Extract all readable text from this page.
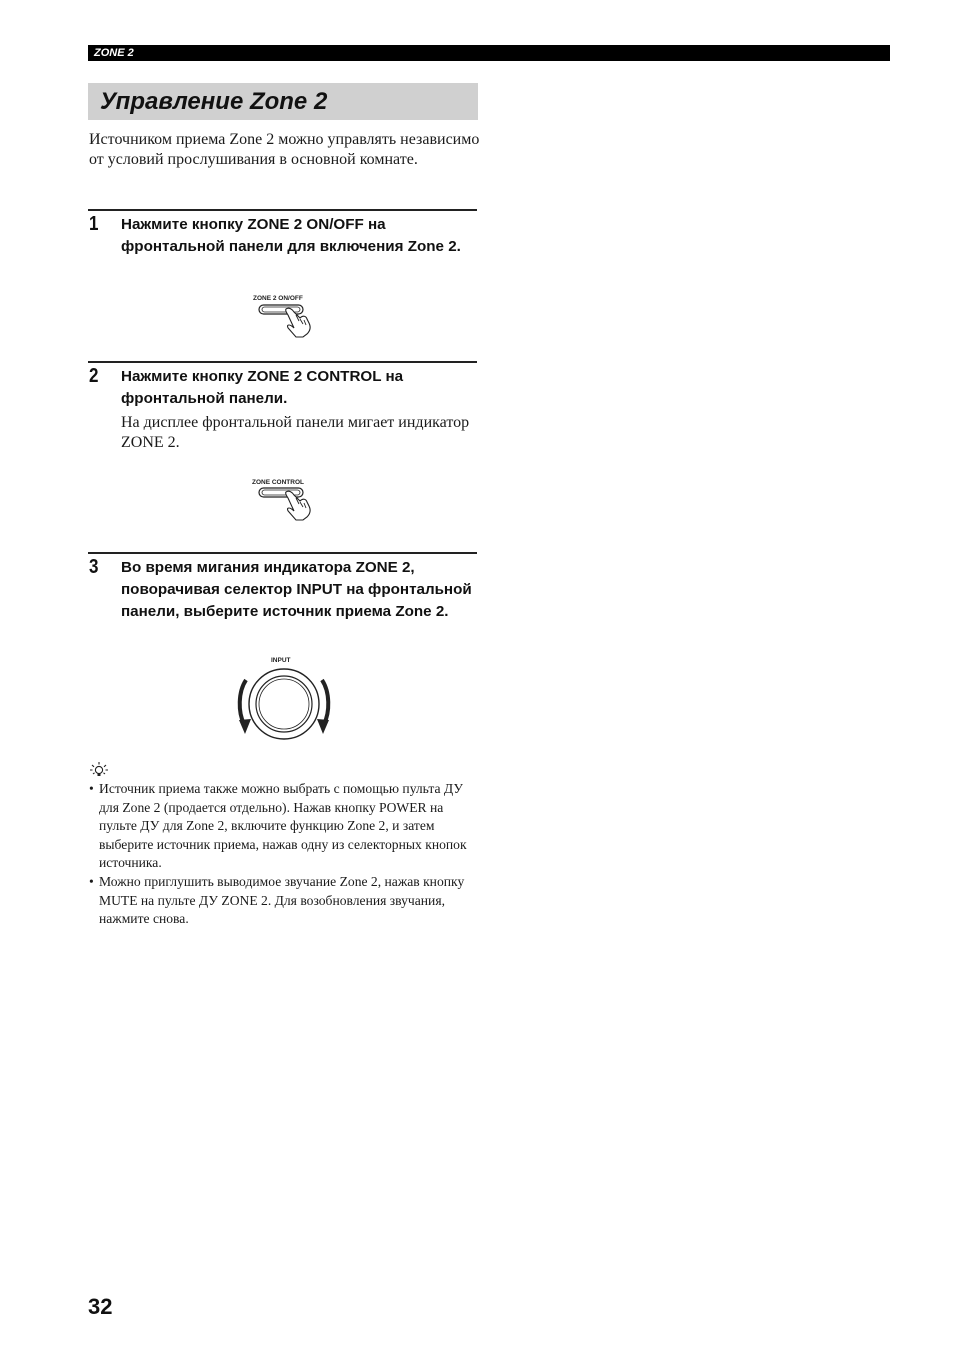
ZONE 2
Управление Zone 2
Источником приема Zone 2 можно управлять независимо от условий прослушивания в основной комнате.
1 Нажмите кнопку ZONE 2 ON/OFF на фронтальной панели для включения Zone 2.
ZONE 2 ON/OFF
2 Нажмите кнопку ZONE 2 CONTROL на фронтальной панели.
На дисплее фронтальной панели мигает индикатор ZONE 2.
ZONE CONTROL
3 Во время мигания индикатора ZONE 2, поворачивая селектор INPUT на фронтальной панели, выберите источник приема Zone 2.
INPUT
• Источник приема также можно выбрать с помощью пульта ДУ для Zone 2 (продается отдельно). Нажав кнопку POWER на пульте ДУ для Zone 2, включите функцию Zone 2, и затем выберите источник приема, нажав одну из селекторных кнопок источника.
• Можно приглушить выводимое звучание Zone 2, нажав кнопку MUTE на пульте ДУ ZONE 2. Для возобновления звучания, нажмите снова.
32
